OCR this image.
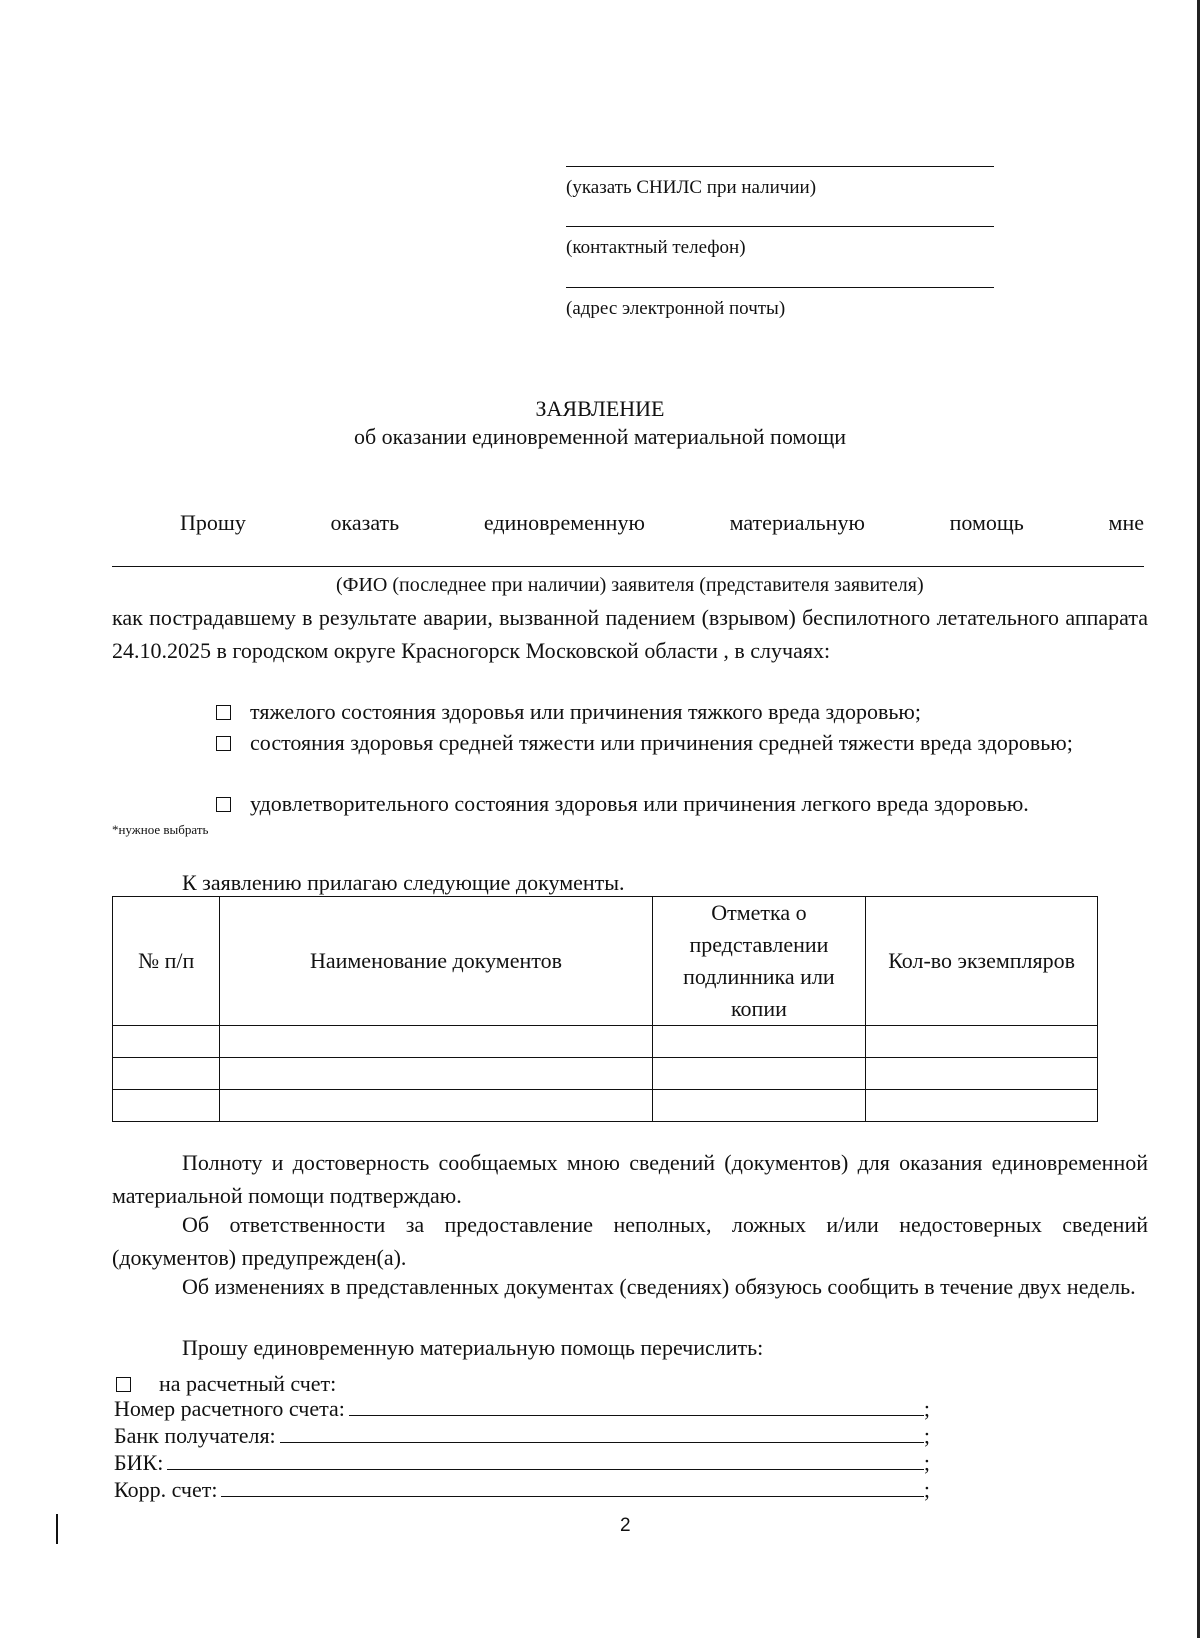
(указать СНИЛС при наличии)
(контактный телефон)
(адрес электронной почты)
ЗАЯВЛЕНИЕ
об оказании единовременной материальной помощи
Прошу	оказать	единовременную	материальную	помощь	мне
(ФИО (последнее при наличии) заявителя (представителя заявителя)

как пострадавшему в результате аварии, вызванной падением (взрывом) беспилотного летательного аппарата 24.10.2025 в городском округе Красногорск Московской области , в случаях:

тяжелого состояния здоровья или причинения тяжкого вреда здоровью;
состояния здоровья средней тяжести или причинения средней тяжести вреда здоровью;
удовлетворительного состояния здоровья или причинения легкого вреда здоровью.
*нужное выбрать
К заявлению прилагаю следующие документы.
№ п/п	Наименование документов	Отметка о представлении подлинника или копии	Кол-во экземпляров

Полноту и достоверность сообщаемых мною сведений (документов) для оказания единовременной материальной помощи подтверждаю.

Об ответственности за предоставление неполных, ложных и/или недостоверных сведений (документов) предупрежден(а).

Об изменениях в представленных документах (сведениях) обязуюсь сообщить в течение двух недель.

Прошу единовременную материальную помощь перечислить:

на расчетный счет:
Номер расчетного счета:	;
Банк получателя:	;
БИК:	;
Корр. счет:	;
2
